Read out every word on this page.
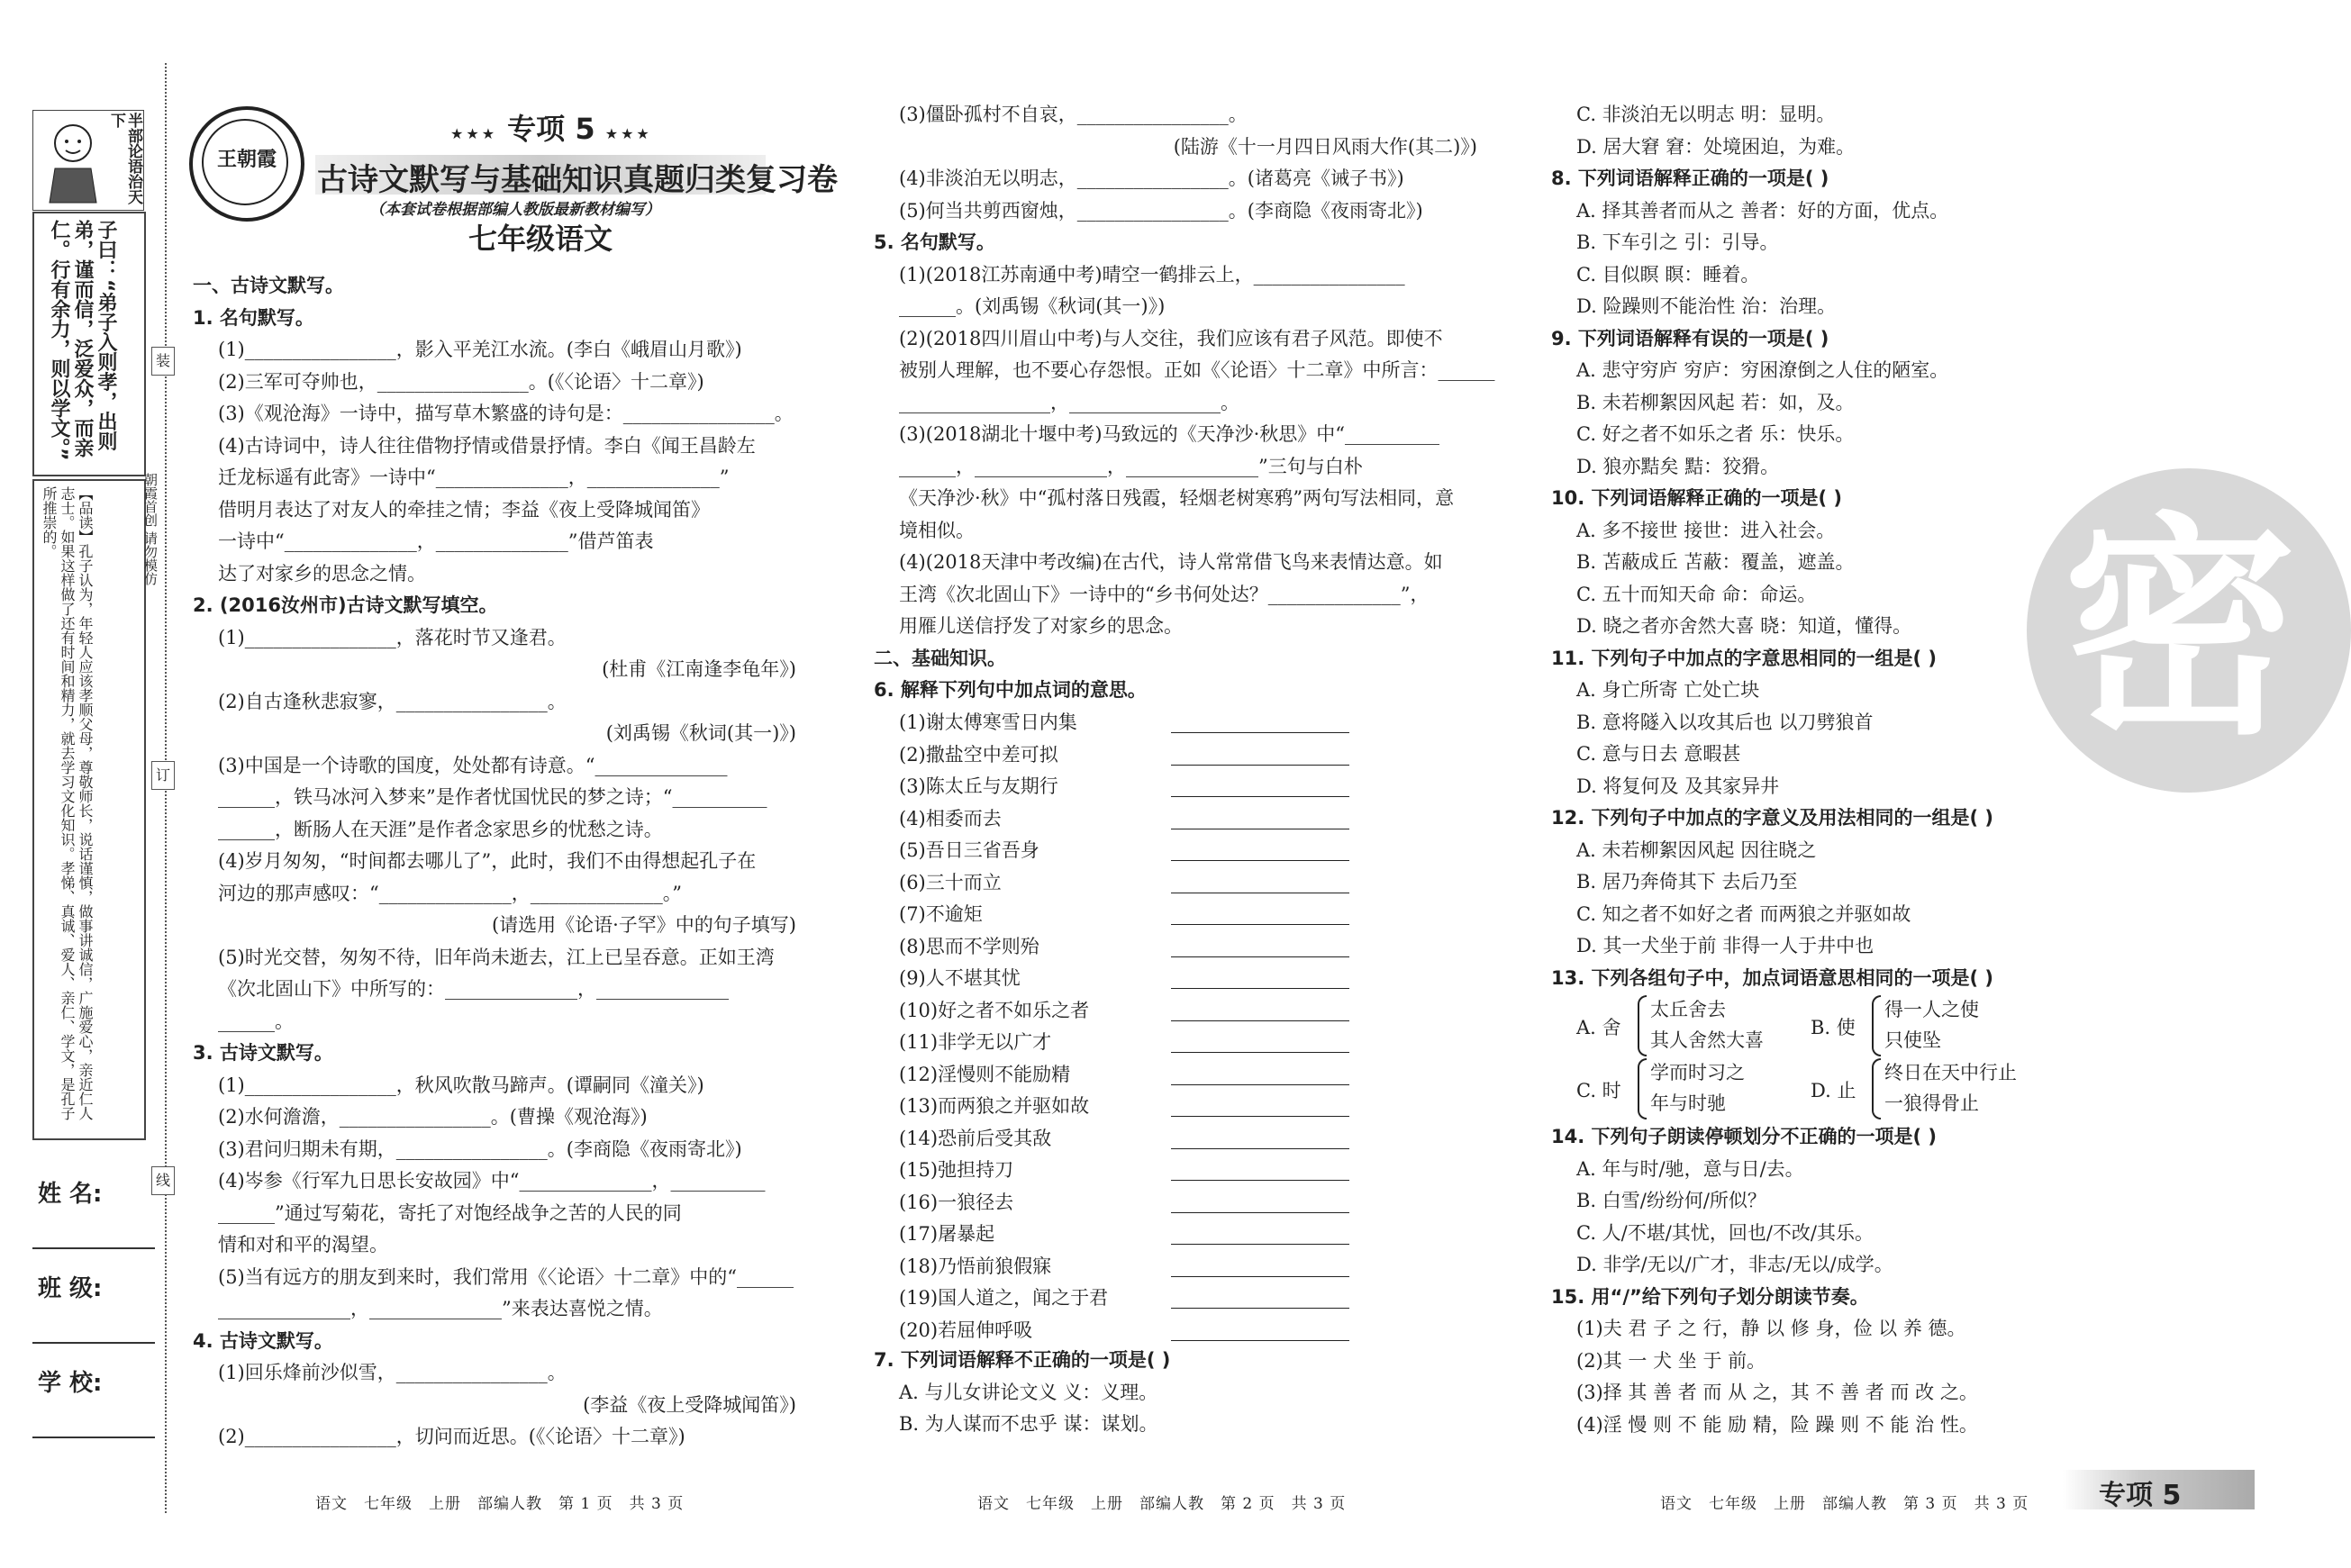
半部论语治天下
子曰：“弟子入则孝，出则弟，谨而信，泛爱众，而亲仁。行有余力，则以学文。”
【品读】孔子认为，年轻人应该孝顺父母，尊敬师长，说话谨慎，做事讲诚信，广施爱心，亲近仁人志士。如果这样做了还有时间和精力，就去学习文化知识。孝悌、真诚、爱人、亲仁、学文，是孔子所推崇的。
装
订
线
朝霞首创 请勿模仿
姓 名:
班 级:
学 校:
王朝霞
★★★ 专项 5 ★★★
古诗文默写与基础知识真题归类复习卷
（本套试卷根据部编人教版最新教材编写）
七年级语文

一、古诗文默写。

1. 名句默写。

(1)________________，影入平羌江水流。(李白《峨眉山月歌》)

(2)三军可夺帅也，________________。(《〈论语〉十二章》)

(3)《观沧海》一诗中，描写草木繁盛的诗句是：________________。

(4)古诗词中，诗人往往借物抒情或借景抒情。李白《闻王昌龄左

迁龙标遥有此寄》一诗中“______________，______________”

借明月表达了对友人的牵挂之情；李益《夜上受降城闻笛》

一诗中“______________，______________”借芦笛表

达了对家乡的思念之情。

2. (2016汝州市)古诗文默写填空。

(1)________________，落花时节又逢君。

(杜甫《江南逢李龟年》)

(2)自古逢秋悲寂寥，________________。

(刘禹锡《秋词(其一)》)

(3)中国是一个诗歌的国度，处处都有诗意。“______________

______，铁马冰河入梦来”是作者忧国忧民的梦之诗；“__________

______，断肠人在天涯”是作者念家思乡的忧愁之诗。

(4)岁月匆匆，“时间都去哪儿了”，此时，我们不由得想起孔子在

河边的那声感叹：“______________，______________。”

(请选用《论语·子罕》中的句子填写)

(5)时光交替，匆匆不待，旧年尚未逝去，江上已呈吞意。正如王湾

《次北固山下》中所写的：______________，______________

______。

3. 古诗文默写。

(1)________________，秋风吹散马蹄声。(谭嗣同《潼关》)

(2)水何澹澹，________________。(曹操《观沧海》)

(3)君问归期未有期，________________。(李商隐《夜雨寄北》)

(4)岑参《行军九日思长安故园》中“______________，__________

______”通过写菊花，寄托了对饱经战争之苦的人民的同

情和对和平的渴望。

(5)当有远方的朋友到来时，我们常用《〈论语〉十二章》中的“______

______________，______________”来表达喜悦之情。

4. 古诗文默写。

(1)回乐烽前沙似雪，________________。

(李益《夜上受降城闻笛》)

(2)________________，切问而近思。(《〈论语〉十二章》)

(3)僵卧孤村不自哀，________________。

(陆游《十一月四日风雨大作(其二)》)

(4)非淡泊无以明志，________________。(诸葛亮《诫子书》)

(5)何当共剪西窗烛，________________。(李商隐《夜雨寄北》)

5. 名句默写。

(1)(2018江苏南通中考)晴空一鹤排云上，________________

______。(刘禹锡《秋词(其一)》)

(2)(2018四川眉山中考)与人交往，我们应该有君子风范。即使不

被别人理解，也不要心存怨恨。正如《〈论语〉十二章》中所言：______

________________，________________。

(3)(2018湖北十堰中考)马致远的《天净沙·秋思》中“__________

______，______________，______________”三句与白朴

《天净沙·秋》中“孤村落日残霞，轻烟老树寒鸦”两句写法相同，意

境相似。

(4)(2018天津中考改编)在古代，诗人常常借飞鸟来表情达意。如

王湾《次北固山下》一诗中的“乡书何处达？______________”，

用雁儿送信抒发了对家乡的思念。

二、基础知识。

6. 解释下列句中加点词的意思。

(1)谢太傅寒雪日内集
(2)撒盐空中差可拟
(3)陈太丘与友期行
(4)相委而去
(5)吾日三省吾身
(6)三十而立
(7)不逾矩
(8)思而不学则殆
(9)人不堪其忧
(10)好之者不如乐之者
(11)非学无以广才
(12)淫慢则不能励精
(13)而两狼之并驱如故
(14)恐前后受其敌
(15)弛担持刀
(16)一狼径去
(17)屠暴起
(18)乃悟前狼假寐
(19)国人道之，闻之于君
(20)若屈伸呼吸

7. 下列词语解释不正确的一项是( )

A. 与儿女讲论文义 义：义理。

B. 为人谋而不忠乎 谋：谋划。

C. 非淡泊无以明志 明：显明。

D. 居大窘 窘：处境困迫，为难。

8. 下列词语解释正确的一项是( )

A. 择其善者而从之 善者：好的方面，优点。

B. 下车引之 引：引导。

C. 目似瞑 瞑：睡着。

D. 险躁则不能治性 治：治理。

9. 下列词语解释有误的一项是( )

A. 悲守穷庐 穷庐：穷困潦倒之人住的陋室。

B. 未若柳絮因风起 若：如，及。

C. 好之者不如乐之者 乐：快乐。

D. 狼亦黠矣 黠：狡猾。

10. 下列词语解释正确的一项是( )

A. 多不接世 接世：进入社会。

B. 苫蔽成丘 苫蔽：覆盖，遮盖。

C. 五十而知天命 命：命运。

D. 晓之者亦舍然大喜 晓：知道，懂得。

11. 下列句子中加点的字意思相同的一组是( )

A. 身亡所寄 亡处亡块

B. 意将隧入以攻其后也 以刀劈狼首

C. 意与日去 意暇甚

D. 将复何及 及其家异井

12. 下列句子中加点的字意义及用法相同的一组是( )

A. 未若柳絮因风起 因往晓之

B. 居乃奔倚其下 去后乃至

C. 知之者不如好之者 而两狼之并驱如故

D. 其一犬坐于前 非得一人于井中也

13. 下列各组句子中，加点词语意思相同的一项是( )

A. 舍
太丘舍去
其人舍然大喜
B. 使
得一人之使
只使坠
C. 时
学而时习之
年与时驰
D. 止
终日在天中行止
一狼得骨止

14. 下列句子朗读停顿划分不正确的一项是( )

A. 年与时/驰，意与日/去。

B. 白雪/纷纷何/所似？

C. 人/不堪/其忧，回也/不改/其乐。

D. 非学/无以/广才，非志/无以/成学。

15. 用“/”给下列句子划分朗读节奏。

(1)夫 君 子 之 行，静 以 修 身，俭 以 养 德。

(2)其 一 犬 坐 于 前。

(3)择 其 善 者 而 从 之，其 不 善 者 而 改 之。

(4)淫 慢 则 不 能 励 精，险 躁 则 不 能 治 性。

密
语文　七年级　上册　部编人教　第 1 页　共 3 页	语文　七年级　上册　部编人教　第 2 页　共 3 页	语文　七年级　上册　部编人教　第 3 页　共 3 页	专项 5
